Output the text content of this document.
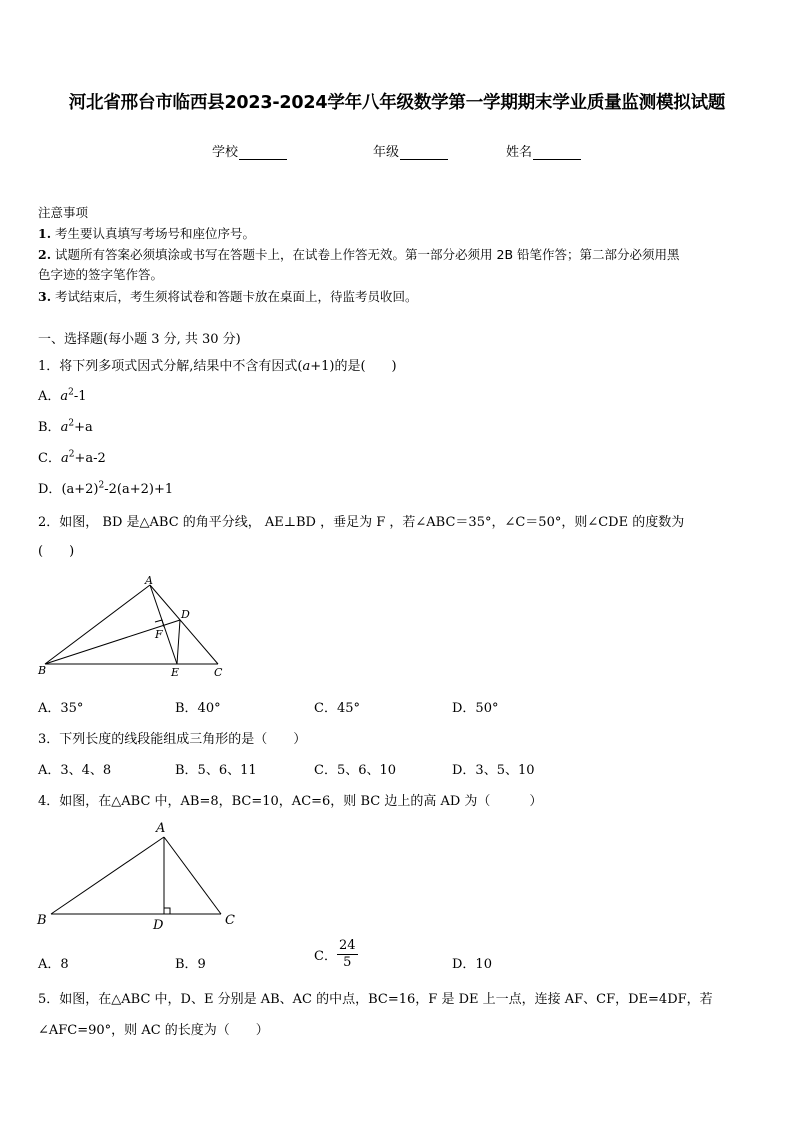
河北省邢台市临西县2023-2024学年八年级数学第一学期期末学业质量监测模拟试题
学校	年级	姓名
注意事项
1. 考生要认真填写考场号和座位序号。
2. 试题所有答案必须填涂或书写在答题卡上，在试卷上作答无效。第一部分必须用 2B 铅笔作答；第二部分必须用黑
色字迹的签字笔作答。
3. 考试结束后，考生须将试卷和答题卡放在桌面上，待监考员收回。
一、选择题(每小题 3 分, 共 30 分)
1．将下列多项式因式分解,结果中不含有因式(a+1)的是(　　)
A．$a^2-1$
B．$a^2+a$
C．$a^2+a-2$
D．$(a+2)^2-2(a+2)+1$
2．如图， BD 是△ABC 的角平分线， AE⊥BD ，垂足为 F ，若∠ABC＝35°，∠C＝50°，则∠CDE 的度数为
(　　)
A
B	C
D
E
F
A．35°	B．40°	C．45°	D．50°
3．下列长度的线段能组成三角形的是（　　）
A．3、4、8	B．5、6、11	C．5、6、10	D．3、5、10
4．如图，在△ABC 中，AB=8，BC=10，AC=6，则 BC 边上的高 AD 为（　　　）
A
B	C
D
A．8	B．9
C． $\frac{24}{5}$	D．10
5．如图，在△ABC 中，D、E 分别是 AB、AC 的中点，BC=16，F 是 DE 上一点，连接 AF、CF，DE=4DF，若
∠AFC=90°，则 AC 的长度为（　　）
